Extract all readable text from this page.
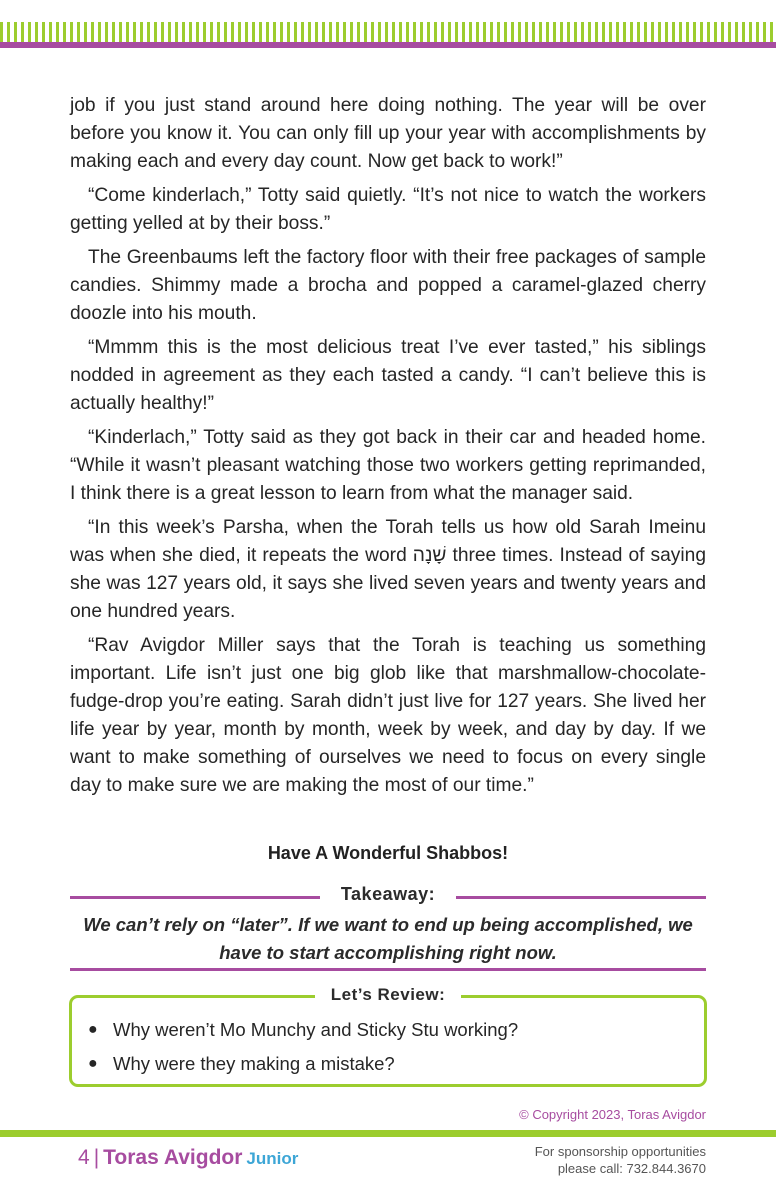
job if you just stand around here doing nothing. The year will be over before you know it. You can only fill up your year with accomplishments by making each and every day count. Now get back to work!”

“Come kinderlach,” Totty said quietly. “It’s not nice to watch the workers getting yelled at by their boss.”

The Greenbaums left the factory floor with their free packages of sample candies. Shimmy made a brocha and popped a caramel-glazed cherry doozle into his mouth.

“Mmmm this is the most delicious treat I’ve ever tasted,” his siblings nodded in agreement as they each tasted a candy. “I can’t believe this is actually healthy!”

“Kinderlach,” Totty said as they got back in their car and headed home. “While it wasn’t pleasant watching those two workers getting reprimanded, I think there is a great lesson to learn from what the manager said.

“In this week’s Parsha, when the Torah tells us how old Sarah Imeinu was when she died, it repeats the word שָׁנָה three times. Instead of saying she was 127 years old, it says she lived seven years and twenty years and one hundred years.

“Rav Avigdor Miller says that the Torah is teaching us something important. Life isn’t just one big glob like that marshmallow-chocolate-fudge-drop you’re eating. Sarah didn’t just live for 127 years. She lived her life year by year, month by month, week by week, and day by day. If we want to make something of ourselves we need to focus on every single day to make sure we are making the most of our time.”

Have A Wonderful Shabbos!
Takeaway:
We can’t rely on “later”. If we want to end up being accomplished, we have to start accomplishing right now.
Let’s Review:
● Why weren’t Mo Munchy and Sticky Stu working?
● Why were they making a mistake?
© Copyright 2023, Toras Avigdor
4 | Toras Avigdor Junior	For sponsorship opportunities
please call: 732.844.3670
